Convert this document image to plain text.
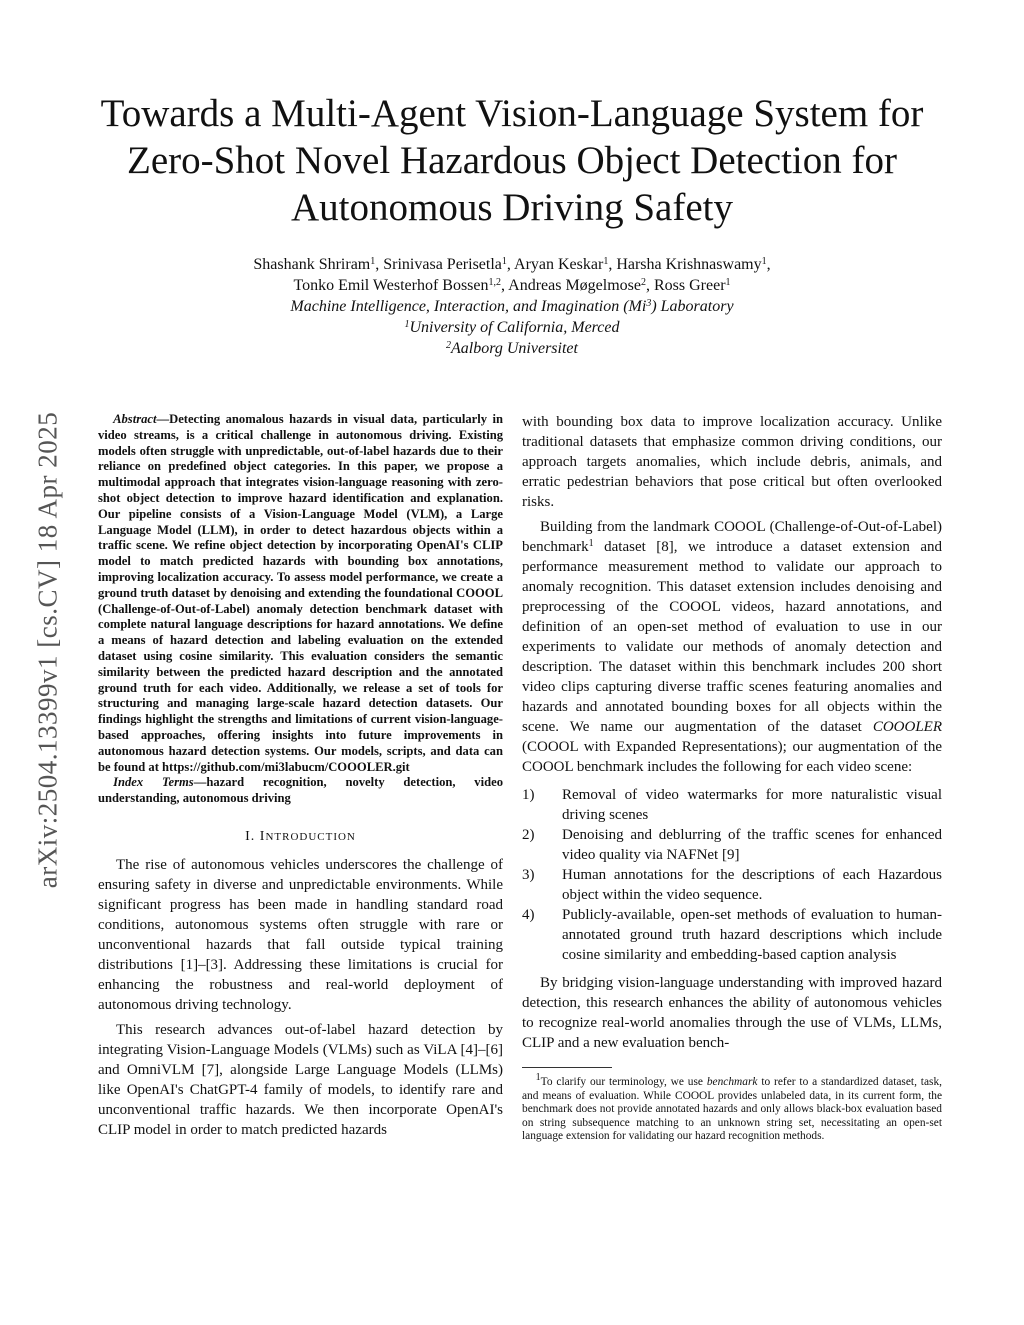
arXiv:2504.13399v1 [cs.CV] 18 Apr 2025
Towards a Multi-Agent Vision-Language System for Zero-Shot Novel Hazardous Object Detection for Autonomous Driving Safety
Shashank Shriram$^1$, Srinivasa Perisetla$^1$, Aryan Keskar$^1$, Harsha Krishnaswamy$^1$,
Tonko Emil Westerhof Bossen$^{1,2}$, Andreas Møgelmose$^2$, Ross Greer$^1$
Machine Intelligence, Interaction, and Imagination (Mi$^3$) Laboratory
$^1$University of California, Merced
$^2$Aalborg Universitet

Abstract—Detecting anomalous hazards in visual data, particularly in video streams, is a critical challenge in autonomous driving. Existing models often struggle with unpredictable, out-of-label hazards due to their reliance on predefined object categories. In this paper, we propose a multimodal approach that integrates vision-language reasoning with zero-shot object detection to improve hazard identification and explanation. Our pipeline consists of a Vision-Language Model (VLM), a Large Language Model (LLM), in order to detect hazardous objects within a traffic scene. We refine object detection by incorporating OpenAI's CLIP model to match predicted hazards with bounding box annotations, improving localization accuracy. To assess model performance, we create a ground truth dataset by denoising and extending the foundational COOOL (Challenge-of-Out-of-Label) anomaly detection benchmark dataset with complete natural language descriptions for hazard annotations. We define a means of hazard detection and labeling evaluation on the extended dataset using cosine similarity. This evaluation considers the semantic similarity between the predicted hazard description and the annotated ground truth for each video. Additionally, we release a set of tools for structuring and managing large-scale hazard detection datasets. Our findings highlight the strengths and limitations of current vision-language-based approaches, offering insights into future improvements in autonomous hazard detection systems. Our models, scripts, and data can be found at https://github.com/mi3labucm/COOOLER.git

Index Terms—hazard recognition, novelty detection, video understanding, autonomous driving

I. INTRODUCTION

The rise of autonomous vehicles underscores the challenge of ensuring safety in diverse and unpredictable environments. While significant progress has been made in handling standard road conditions, autonomous systems often struggle with rare or unconventional hazards that fall outside typical training distributions [1]–[3]. Addressing these limitations is crucial for enhancing the robustness and real-world deployment of autonomous driving technology.

This research advances out-of-label hazard detection by integrating Vision-Language Models (VLMs) such as ViLA [4]–[6] and OmniVLM [7], alongside Large Language Models (LLMs) like OpenAI's ChatGPT-4 family of models, to identify rare and unconventional traffic hazards. We then incorporate OpenAI's CLIP model in order to match predicted hazards

with bounding box data to improve localization accuracy. Unlike traditional datasets that emphasize common driving conditions, our approach targets anomalies, which include debris, animals, and erratic pedestrian behaviors that pose critical but often overlooked risks.

Building from the landmark COOOL (Challenge-of-Out-of-Label) benchmark$^1$ dataset [8], we introduce a dataset extension and performance measurement method to validate our approach to anomaly recognition. This dataset extension includes denoising and preprocessing of the COOOL videos, hazard annotations, and definition of an open-set method of evaluation to use in our experiments to validate our methods of anomaly detection and description. The dataset within this benchmark includes 200 short video clips capturing diverse traffic scenes featuring anomalies and hazards and annotated bounding boxes for all objects within the scene. We name our augmentation of the dataset COOOLER (COOOL with Expanded Representations); our augmentation of the COOOL benchmark includes the following for each video scene:

1) Removal of video watermarks for more naturalistic visual driving scenes
2) Denoising and deblurring of the traffic scenes for enhanced video quality via NAFNet [9]
3) Human annotations for the descriptions of each Hazardous object within the video sequence.
4) Publicly-available, open-set methods of evaluation to human-annotated ground truth hazard descriptions which include cosine similarity and embedding-based caption analysis

By bridging vision-language understanding with improved hazard detection, this research enhances the ability of autonomous vehicles to recognize real-world anomalies through the use of VLMs, LLMs, CLIP and a new evaluation bench-

$^1$To clarify our terminology, we use benchmark to refer to a standardized dataset, task, and means of evaluation. While COOOL provides unlabeled data, in its current form, the benchmark does not provide annotated hazards and only allows black-box evaluation based on string subsequence matching to an unknown string set, necessitating an open-set language extension for validating our hazard recognition methods.
